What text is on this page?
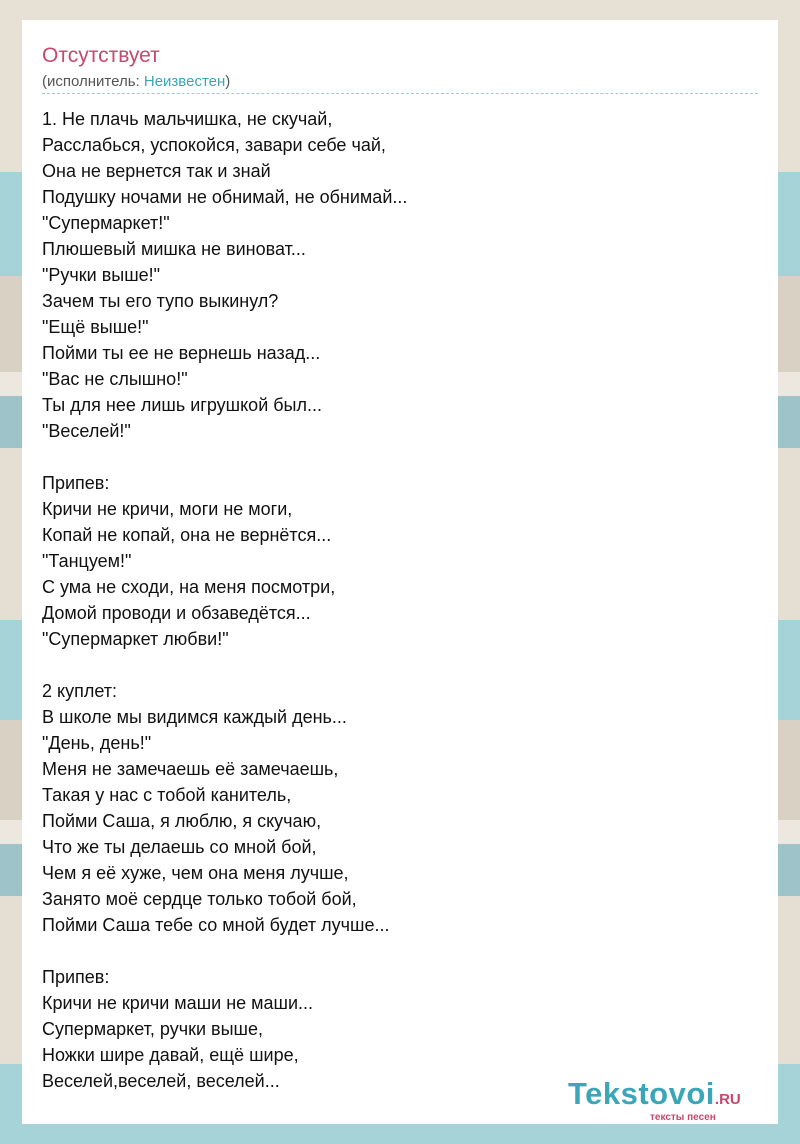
Отсутствует
(исполнитель: Неизвестен)
1. Не плачь мальчишка, не скучай,
Расслабься, успокойся, завари себе чай,
Она не вернется так и знай
Подушку ночами не обнимай, не обнимай...
"Супермаркет!"
Плюшевый мишка не виноват...
"Ручки выше!"
Зачем ты его тупо выкинул?
"Ещё выше!"
Пойми ты ее не вернешь назад...
"Вас не слышно!"
Ты для нее лишь игрушкой был...
"Веселей!"
Припев:
Кричи не кричи, моги не моги,
Копай не копай, она не вернётся...
"Танцуем!"
С ума не сходи, на меня посмотри,
Домой проводи и обзаведётся...
"Супермаркет любви!"
2 куплет:
В школе мы видимся каждый день...
"День, день!"
Меня не замечаешь её замечаешь,
Такая у нас с тобой канитель,
Пойми Саша, я люблю, я скучаю,
Что же ты делаешь со мной бой,
Чем я её хуже, чем она меня лучше,
Занято моё сердце только тобой бой,
Пойми Саша тебе со мной будет лучше...
Припев:
Кричи не кричи маши не маши...
Супермаркет, ручки выше,
Ножки шире давай, ещё шире,
Веселей,веселей, веселей...	Tekstovoi.RU
тексты песен
